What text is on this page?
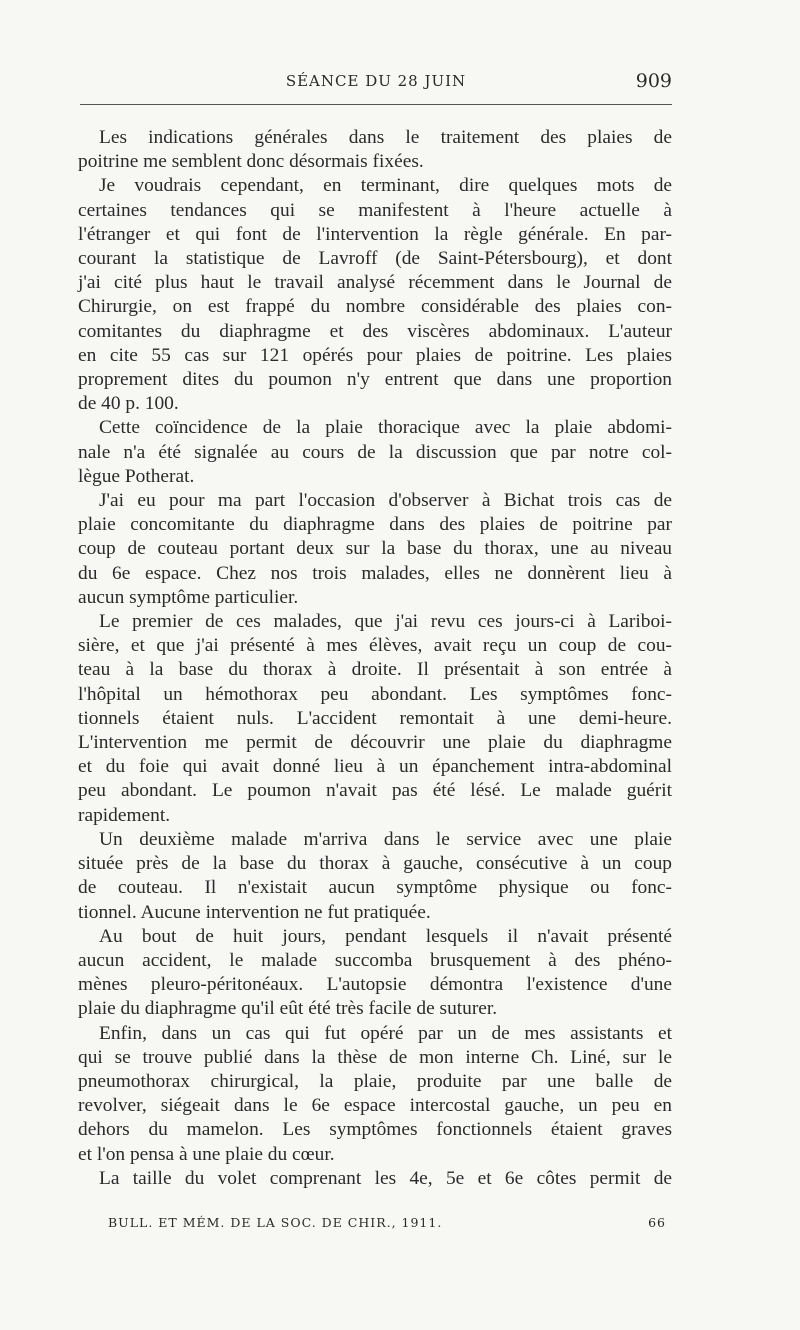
SÉANCE DU 28 JUIN	909

Les indications générales dans le traitement des plaies de
poitrine me semblent donc désormais fixées.

Je voudrais cependant, en terminant, dire quelques mots de
certaines tendances qui se manifestent à l'heure actuelle à
l'étranger et qui font de l'intervention la règle générale. En par-
courant la statistique de Lavroff (de Saint-Pétersbourg), et dont
j'ai cité plus haut le travail analysé récemment dans le Journal de
Chirurgie, on est frappé du nombre considérable des plaies con-
comitantes du diaphragme et des viscères abdominaux. L'auteur
en cite 55 cas sur 121 opérés pour plaies de poitrine. Les plaies
proprement dites du poumon n'y entrent que dans une proportion
de 40 p. 100.

Cette coïncidence de la plaie thoracique avec la plaie abdomi-
nale n'a été signalée au cours de la discussion que par notre col-
lègue Potherat.

J'ai eu pour ma part l'occasion d'observer à Bichat trois cas de
plaie concomitante du diaphragme dans des plaies de poitrine par
coup de couteau portant deux sur la base du thorax, une au niveau
du 6e espace. Chez nos trois malades, elles ne donnèrent lieu à
aucun symptôme particulier.

Le premier de ces malades, que j'ai revu ces jours-ci à Lariboi-
sière, et que j'ai présenté à mes élèves, avait reçu un coup de cou-
teau à la base du thorax à droite. Il présentait à son entrée à
l'hôpital un hémothorax peu abondant. Les symptômes fonc-
tionnels étaient nuls. L'accident remontait à une demi-heure.
L'intervention me permit de découvrir une plaie du diaphragme
et du foie qui avait donné lieu à un épanchement intra-abdominal
peu abondant. Le poumon n'avait pas été lésé. Le malade guérit
rapidement.

Un deuxième malade m'arriva dans le service avec une plaie
située près de la base du thorax à gauche, consécutive à un coup
de couteau. Il n'existait aucun symptôme physique ou fonc-
tionnel. Aucune intervention ne fut pratiquée.

Au bout de huit jours, pendant lesquels il n'avait présenté
aucun accident, le malade succomba brusquement à des phéno-
mènes pleuro-péritonéaux. L'autopsie démontra l'existence d'une
plaie du diaphragme qu'il eût été très facile de suturer.

Enfin, dans un cas qui fut opéré par un de mes assistants et
qui se trouve publié dans la thèse de mon interne Ch. Liné, sur le
pneumothorax chirurgical, la plaie, produite par une balle de
revolver, siégeait dans le 6e espace intercostal gauche, un peu en
dehors du mamelon. Les symptômes fonctionnels étaient graves
et l'on pensa à une plaie du cœur.

La taille du volet comprenant les 4e, 5e et 6e côtes permit de

BULL. ET MÉM. DE LA SOC. DE CHIR., 1911.	66
